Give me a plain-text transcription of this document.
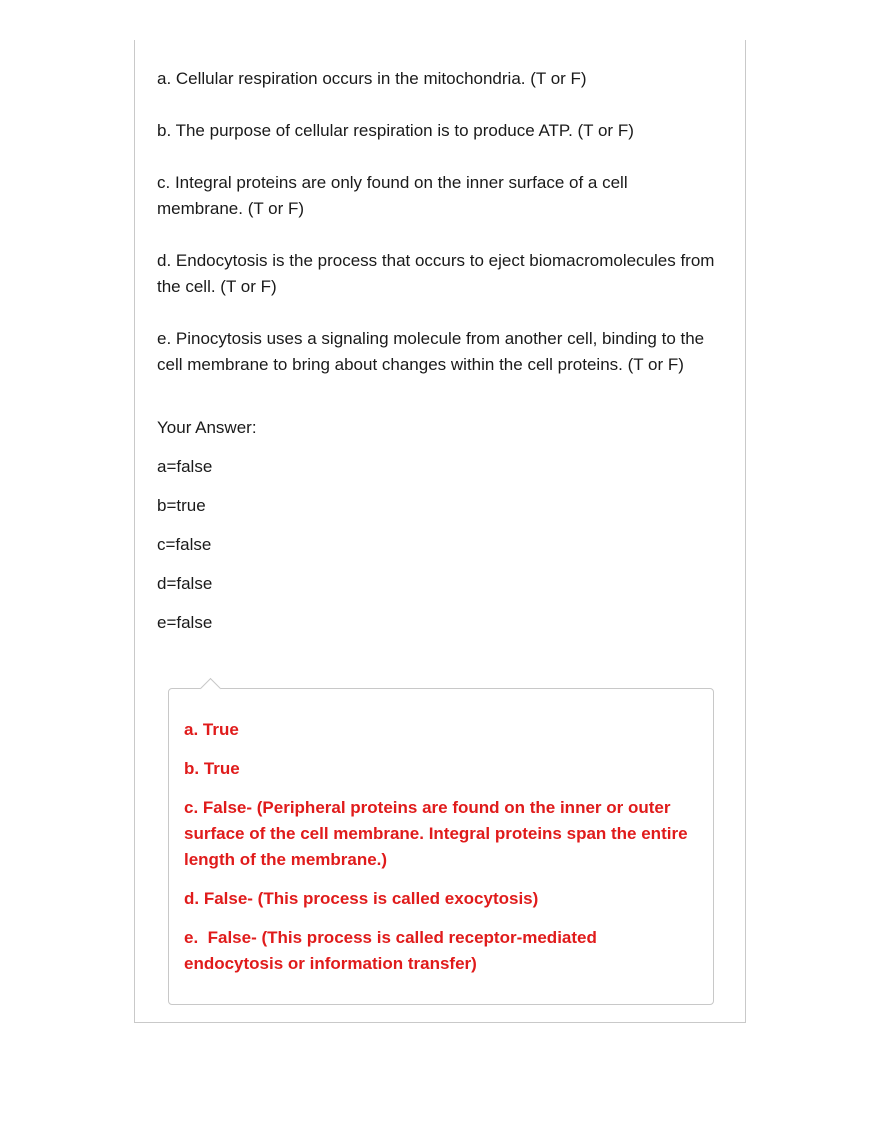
a. Cellular respiration occurs in the mitochondria. (T or F)

b. The purpose of cellular respiration is to produce ATP. (T or F)

c. Integral proteins are only found on the inner surface of a cell membrane. (T or F)

d. Endocytosis is the process that occurs to eject biomacromolecules from the cell. (T or F)

e. Pinocytosis uses a signaling molecule from another cell, binding to the cell membrane to bring about changes within the cell proteins. (T or F)

Your Answer:

a=false

b=true

c=false

d=false

e=false

a. True

b. True

c. False- (Peripheral proteins are found on the inner or outer surface of the cell membrane. Integral proteins span the entire length of the membrane.)

d. False- (This process is called exocytosis)

e.  False- (This process is called receptor-mediated endocytosis or information transfer)
